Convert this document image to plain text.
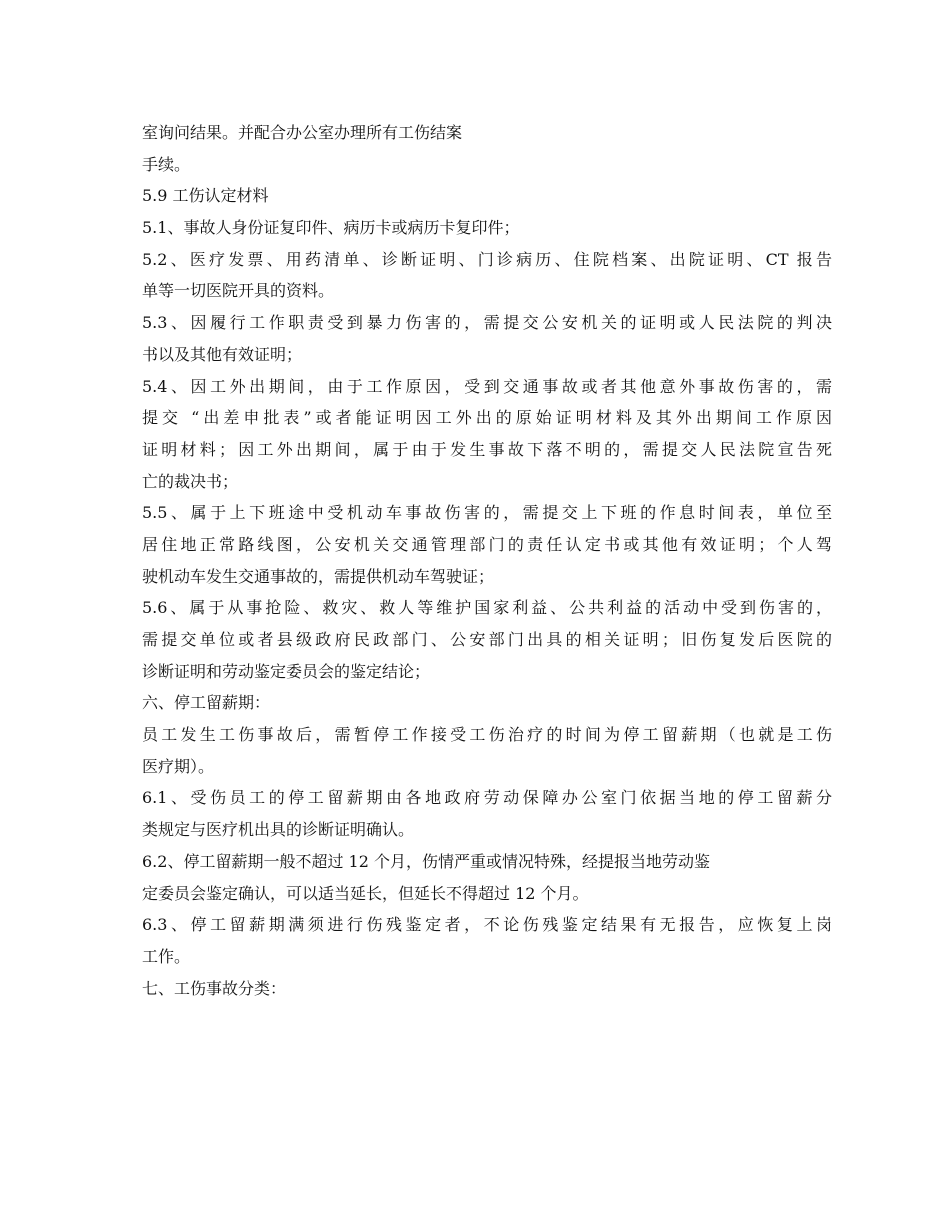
室询问结果。并配合办公室办理所有工伤结案
手续。
5.9 工伤认定材料
5.1、事故人身份证复印件、病历卡或病历卡复印件；
5.2、医疗发票、用药清单、诊断证明、门诊病历、住院档案、出院证明、CT 报告
单等一切医院开具的资料。
5.3、因履行工作职责受到暴力伤害的，需提交公安机关的证明或人民法院的判决
书以及其他有效证明；
5.4、因工外出期间，由于工作原因，受到交通事故或者其他意外事故伤害的，需
提交 “出差申批表”或者能证明因工外出的原始证明材料及其外出期间工作原因
证明材料；因工外出期间，属于由于发生事故下落不明的，需提交人民法院宣告死
亡的裁决书；
5.5、属于上下班途中受机动车事故伤害的，需提交上下班的作息时间表，单位至
居住地正常路线图，公安机关交通管理部门的责任认定书或其他有效证明；个人驾
驶机动车发生交通事故的，需提供机动车驾驶证；
5.6、属于从事抢险、救灾、救人等维护国家利益、公共利益的活动中受到伤害的，
需提交单位或者县级政府民政部门、公安部门出具的相关证明；旧伤复发后医院的
诊断证明和劳动鉴定委员会的鉴定结论；
六、停工留薪期：
员工发生工伤事故后，需暂停工作接受工伤治疗的时间为停工留薪期（也就是工伤
医疗期）。
6.1、受伤员工的停工留薪期由各地政府劳动保障办公室门依据当地的停工留薪分
类规定与医疗机出具的诊断证明确认。
6.2、停工留薪期一般不超过 12 个月，伤情严重或情况特殊，经提报当地劳动鉴
定委员会鉴定确认，可以适当延长，但延长不得超过 12 个月。
6.3、停工留薪期满须进行伤残鉴定者，不论伤残鉴定结果有无报告，应恢复上岗
工作。
七、工伤事故分类：
